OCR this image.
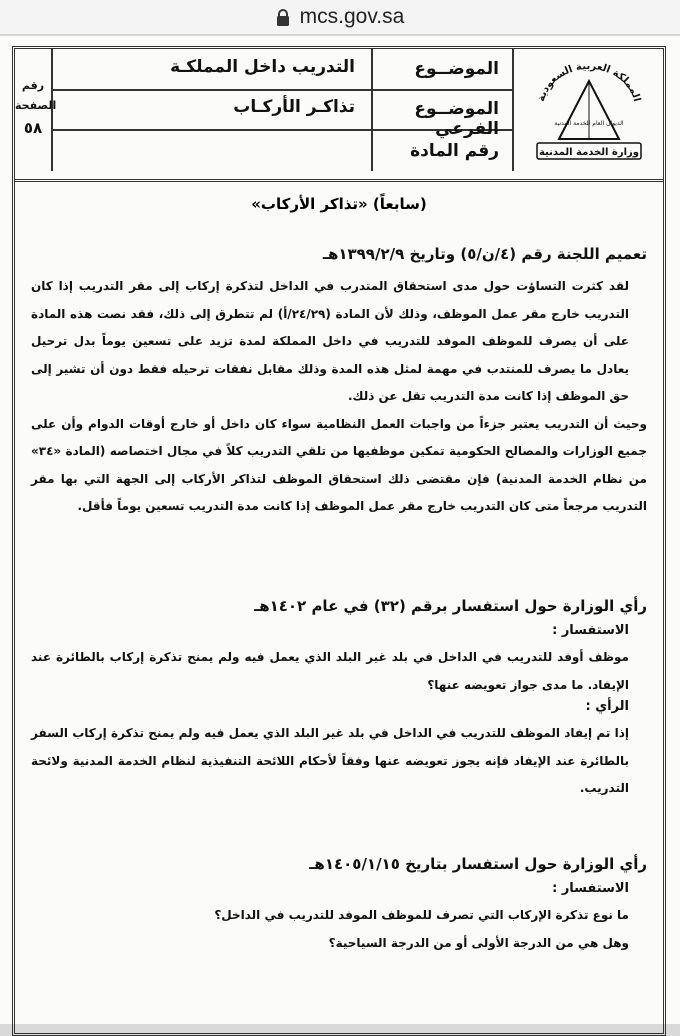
mcs.gov.sa
المملكة العربية السعودية
الديوان العام للخدمة المدنية
وزارة الخدمة المدنية
الموضــوع
التدريب داخل المملكـة
الموضــوع الفرعي
تذاكـر الأركـاب
رقم المادة
رقم
الصفحة
٥٨
(سابعاً) «تذاكر الأركاب»
تعميم اللجنة رقم (٤/ن/٥) وتاريخ ١٣٩٩/٢/٩هـ
لقد كثرت التساؤت حول مدى استحقاق المتدرب في الداخل لتذكرة إركاب إلى مقر التدريب إذا كان التدريب خارج مقر عمل الموظف، وذلك لأن المادة (٢٤/٢٩/أ) لم تتطرق إلى ذلك، فقد نصت هذه المادة على أن يصرف للموظف الموفد للتدريب في داخل المملكة لمدة تزيد على تسعين يوماً بدل ترحيل يعادل ما يصرف للمنتدب في مهمة لمثل هذه المدة وذلك مقابل نفقات ترحيله فقط دون أن تشير إلى حق الموظف إذا كانت مدة التدريب تقل عن ذلك.
وحيث أن التدريب يعتبر جزءاً من واجبات العمل النظامية سواء كان داخل أو خارج أوقات الدوام وأن على جميع الوزارات والمصالح الحكومية تمكين موظفيها من تلقي التدريب كلاً في مجال اختصاصه (المادة «٣٤» من نظام الخدمة المدنية) فإن مقتضى ذلك استحقاق الموظف لتذاكر الأركاب إلى الجهة التي بها مقر التدريب مرجعاً متى كان التدريب خارج مقر عمل الموظف إذا كانت مدة التدريب تسعين يوماً فأقل.
رأي الوزارة حول استفسار برقم (٣٢) في عام ١٤٠٢هـ
الاستفسار :
موظف أوفد للتدريب في الداخل في بلد غير البلد الذي يعمل فيه ولم يمنح تذكرة إركاب بالطائرة عند الإيفاد. ما مدى جواز تعويضه عنها؟
الرأي :
إذا تم إيفاد الموظف للتدريب في الداخل في بلد غير البلد الذي يعمل فيه ولم يمنح تذكرة إركاب السفر بالطائرة عند الإيفاد فإنه يجوز تعويضه عنها وفقاً لأحكام اللائحة التنفيذية لنظام الخدمة المدنية ولائحة التدريب.
رأي الوزارة حول استفسار بتاريخ ١٤٠٥/١/١٥هـ
الاستفسار :
ما نوع تذكرة الإركاب التي تصرف للموظف الموفد للتدريب في الداخل؟
وهل هي من الدرجة الأولى أو من الدرجة السياحية؟
